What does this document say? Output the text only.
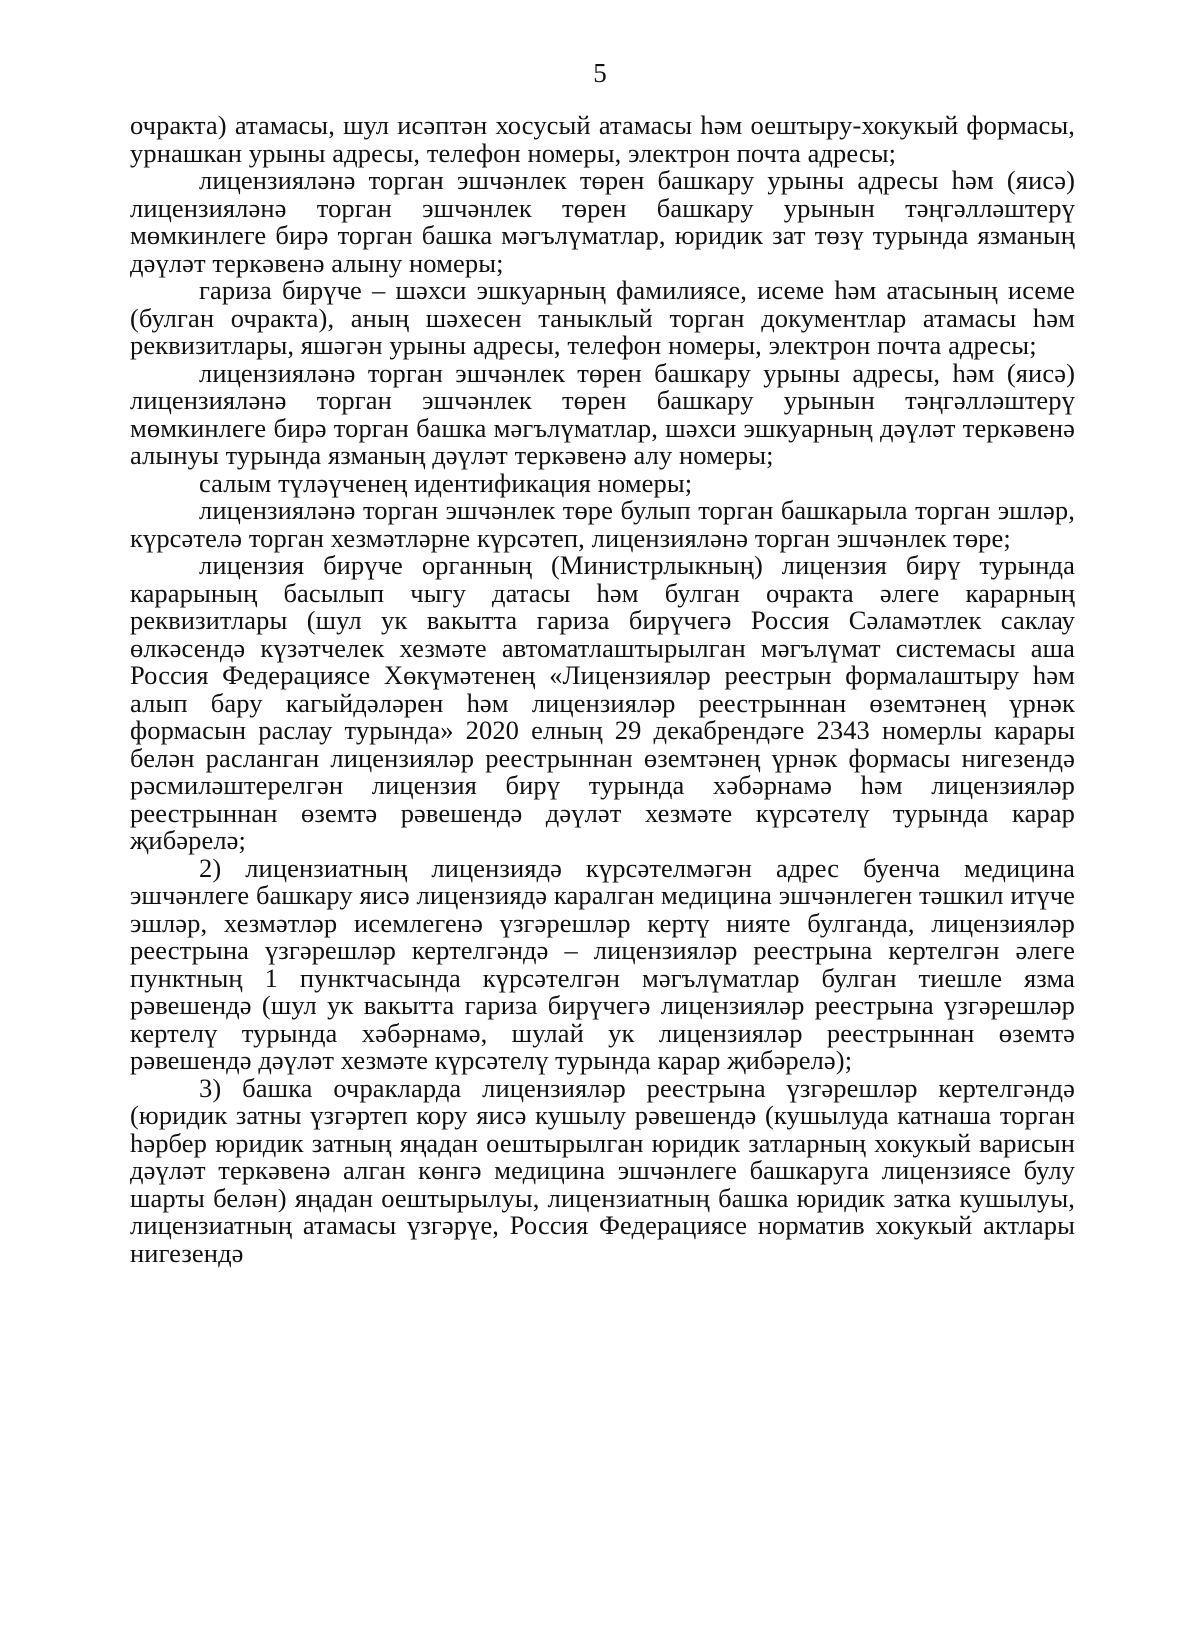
5

очракта) атамасы, шул исәптән хосусый атамасы һәм оештыру-хокукый формасы, урнашкан урыны адресы, телефон номеры, электрон почта адресы;

лицензияләнә торган эшчәнлек төрен башкару урыны адресы һәм (яисә) лицензияләнә торган эшчәнлек төрен башкару урынын тәңгәлләштерү мөмкинлеге бирә торган башка мәгълүматлар, юридик зат төзү турында язманың дәүләт теркәвенә алыну номеры;

гариза бирүче – шәхси эшкуарның фамилиясе, исеме һәм атасының исеме (булган очракта), аның шәхесен таныклый торган документлар атамасы һәм реквизитлары, яшәгән урыны адресы, телефон номеры, электрон почта адресы;

лицензияләнә торган эшчәнлек төрен башкару урыны адресы, һәм (яисә) лицензияләнә торган эшчәнлек төрен башкару урынын тәңгәлләштерү мөмкинлеге бирә торган башка мәгълүматлар, шәхси эшкуарның дәүләт теркәвенә алынуы турында язманың дәүләт теркәвенә алу номеры;

салым түләүченең идентификация номеры;

лицензияләнә торган эшчәнлек төре булып торган башкарыла торган эшләр, күрсәтелә торган хезмәтләрне күрсәтеп, лицензияләнә торган эшчәнлек төре;

лицензия бирүче органның (Министрлыкның) лицензия бирү турында карарының басылып чыгу датасы һәм булган очракта әлеге карарның реквизитлары (шул ук вакытта гариза бирүчегә Россия Сәламәтлек саклау өлкәсендә күзәтчелек хезмәте автоматлаштырылган мәгълүмат системасы аша Россия Федерациясе Хөкүмәтенең «Лицензияләр реестрын формалаштыру һәм алып бару кагыйдәләрен һәм лицензияләр реестрыннан өземтәнең үрнәк формасын раслау турында» 2020 елның 29 декабрендәге 2343 номерлы карары белән расланган лицензияләр реестрыннан өземтәнең үрнәк формасы нигезендә рәсмиләштерелгән лицензия бирү турында хәбәрнамә һәм лицензияләр реестрыннан өземтә рәвешендә дәүләт хезмәте күрсәтелү турында карар җибәрелә;

2) лицензиатның лицензиядә күрсәтелмәгән адрес буенча медицина эшчәнлеге башкару яисә лицензиядә каралган медицина эшчәнлеген тәшкил итүче эшләр, хезмәтләр исемлегенә үзгәрешләр кертү нияте булганда, лицензияләр реестрына үзгәрешләр кертелгәндә – лицензияләр реестрына кертелгән әлеге пунктның 1 пунктчасында күрсәтелгән мәгълүматлар булган тиешле язма рәвешендә (шул ук вакытта гариза бирүчегә лицензияләр реестрына үзгәрешләр кертелү турында хәбәрнамә, шулай ук лицензияләр реестрыннан өземтә рәвешендә дәүләт хезмәте күрсәтелү турында карар җибәрелә);

3) башка очракларда лицензияләр реестрына үзгәрешләр кертелгәндә (юридик затны үзгәртеп кору яисә кушылу рәвешендә (кушылуда катнаша торган һәрбер юридик затның яңадан оештырылган юридик затларның хокукый варисын дәүләт теркәвенә алган көнгә медицина эшчәнлеге башкаруга лицензиясе булу шарты белән) яңадан оештырылуы, лицензиатның башка юридик затка кушылуы, лицензиатның атамасы үзгәрүе, Россия Федерациясе норматив хокукый актлары нигезендә
